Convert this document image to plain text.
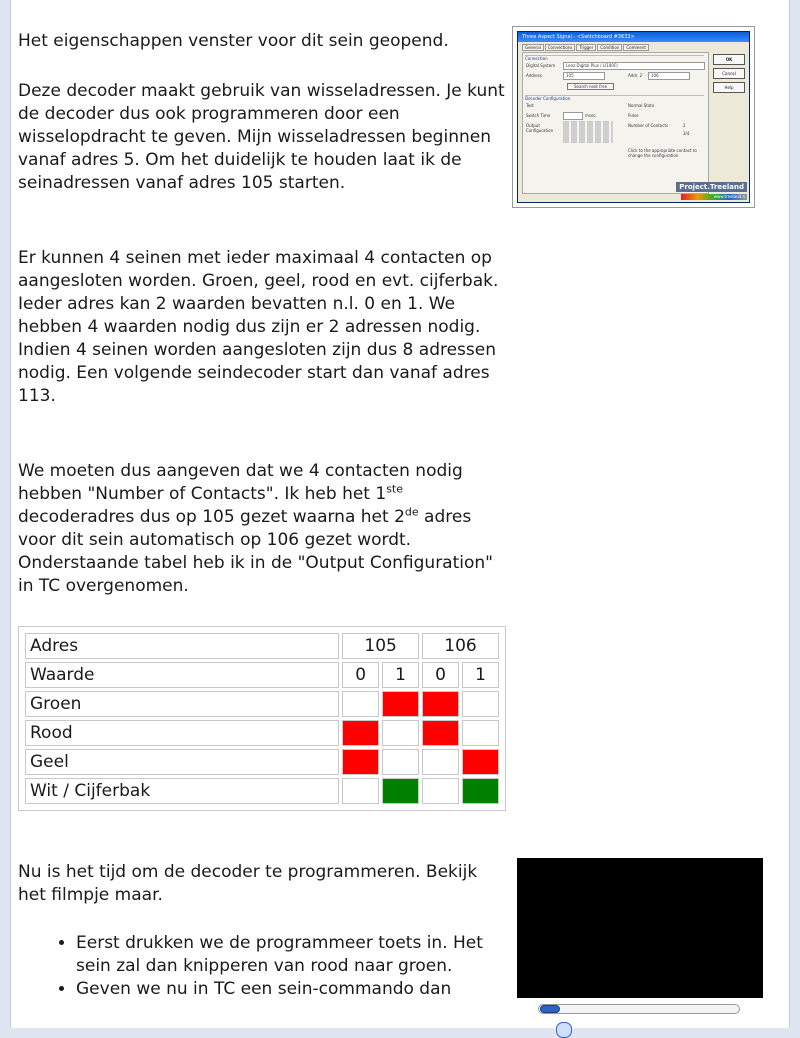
Het eigenschappen venster voor dit sein geopend.

Deze decoder maakt gebruik van wisseladressen. Je kunt de decoder dus ook programmeren door een wisselopdracht te geven. Mijn wisseladressen beginnen vanaf adres 5. Om het duidelijk te houden laat ik de seinadressen vanaf adres 105 starten.

Three Aspect Signal - <Switchboard #3633>
General Connections Trigger Condition Comment
Connection
Digital System	Lenz Digital Plus / LI100F)
Address	105	Addr. 2 106
Search next free
Decoder Configuration
Test
Switch Time	msec.
Output Configuration
Normal State
Pulse
Number of Contacts	2
3/4
Click to the appropriate contact to change the configuration
OK
Cancel
Help
Project.Treeland
www.treeland.n

Er kunnen 4 seinen met ieder maximaal 4 contacten op aangesloten worden. Groen, geel, rood en evt. cijferbak. Ieder adres kan 2 waarden bevatten n.l. 0 en 1. We hebben 4 waarden nodig dus zijn er 2 adressen nodig. Indien 4 seinen worden aangesloten zijn dus 8 adressen nodig. Een volgende seindecoder start dan vanaf adres 113.

We moeten dus aangeven dat we 4 contacten nodig hebben "Number of Contacts". Ik heb het 1ste decoderadres dus op 105 gezet waarna het 2de adres voor dit sein automatisch op 106 gezet wordt. Onderstaande tabel heb ik in de "Output Configuration" in TC overgenomen.

Adres	105		106	
Waarde	0	1	0	1
Groen				
Rood				
Geel				
Wit / Cijferbak				

Nu is het tijd om de decoder te programmeren. Bekijk het filmpje maar.

• Eerst drukken we de programmeer toets in. Het sein zal dan knipperen van rood naar groen.
• Geven we nu in TC een sein-commando dan
